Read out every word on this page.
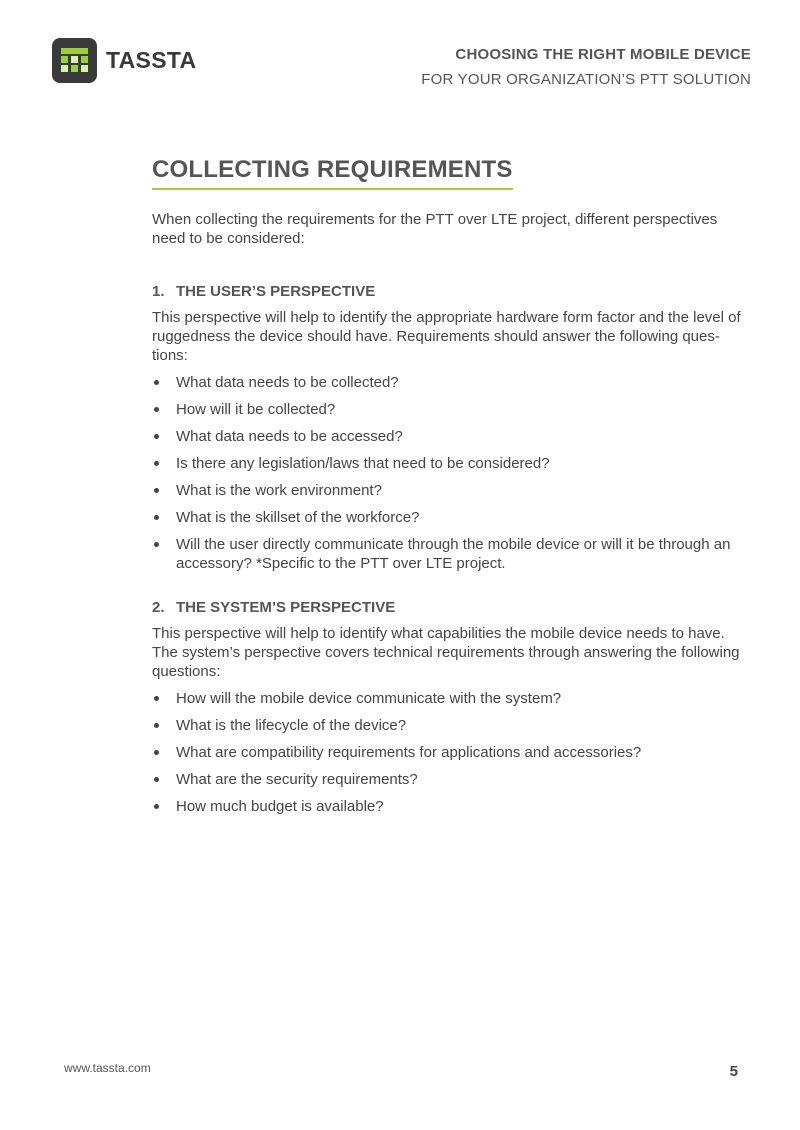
TASSTA	CHOOSING THE RIGHT MOBILE DEVICE
FOR YOUR ORGANIZATION’S PTT SOLUTION
COLLECTING REQUIREMENTS

When collecting the requirements for the PTT over LTE project, different perspectives need to be considered:

1. THE USER’S PERSPECTIVE

This perspective will help to identify the appropriate hardware form factor and the level of ruggedness the device should have. Requirements should answer the following ques-tions:

What data needs to be collected?
How will it be collected?
What data needs to be accessed?
Is there any legislation/laws that need to be considered?
What is the work environment?
What is the skillset of the workforce?
Will the user directly communicate through the mobile device or will it be through an accessory? *Specific to the PTT over LTE project.
2. THE SYSTEM’S PERSPECTIVE

This perspective will help to identify what capabilities the mobile device needs to have. The system’s perspective covers technical requirements through answering the following questions:

How will the mobile device communicate with the system?
What is the lifecycle of the device?
What are compatibility requirements for applications and accessories?
What are the security requirements?
How much budget is available?
www.tassta.com	5
